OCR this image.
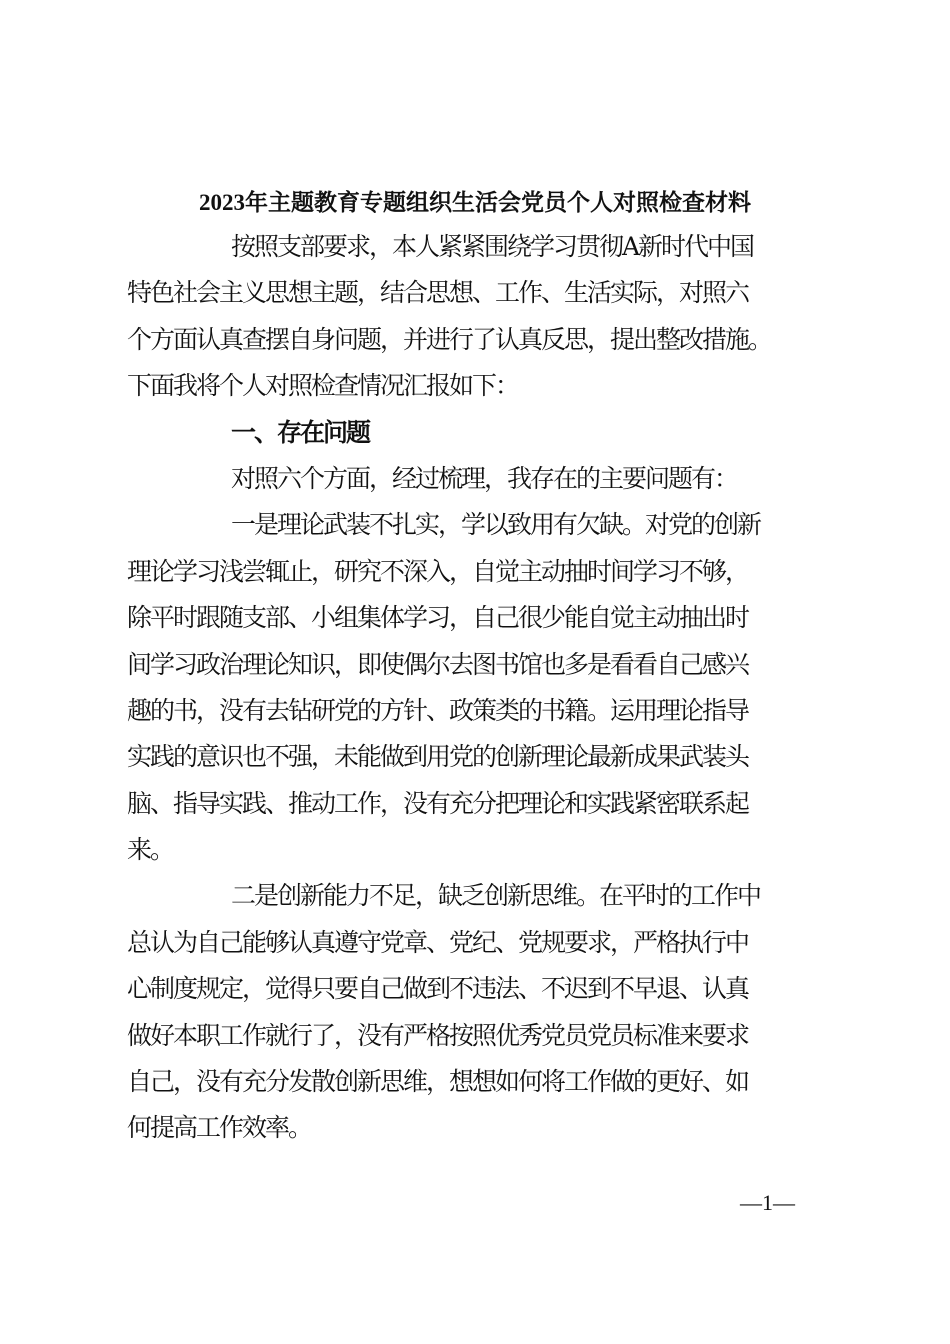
2023年主题教育专题组织生活会党员个人对照检查材料
按照支部要求，本人紧紧围绕学习贯彻A新时代中国
特色社会主义思想主题，结合思想、工作、生活实际，对照六
个方面认真查摆自身问题，并进行了认真反思，提出整改措施。
下面我将个人对照检查情况汇报如下：
一、存在问题
对照六个方面，经过梳理，我存在的主要问题有：
一是理论武装不扎实，学以致用有欠缺。对党的创新
理论学习浅尝辄止，研究不深入，自觉主动抽时间学习不够，
除平时跟随支部、小组集体学习，自己很少能自觉主动抽出时
间学习政治理论知识，即使偶尔去图书馆也多是看看自己感兴
趣的书，没有去钻研党的方针、政策类的书籍。运用理论指导
实践的意识也不强，未能做到用党的创新理论最新成果武装头
脑、指导实践、推动工作，没有充分把理论和实践紧密联系起
来。
二是创新能力不足，缺乏创新思维。在平时的工作中
总认为自己能够认真遵守党章、党纪、党规要求，严格执行中
心制度规定，觉得只要自己做到不违法、不迟到不早退、认真
做好本职工作就行了，没有严格按照优秀党员党员标准来要求
自己，没有充分发散创新思维，想想如何将工作做的更好、如
何提高工作效率。
—1—
